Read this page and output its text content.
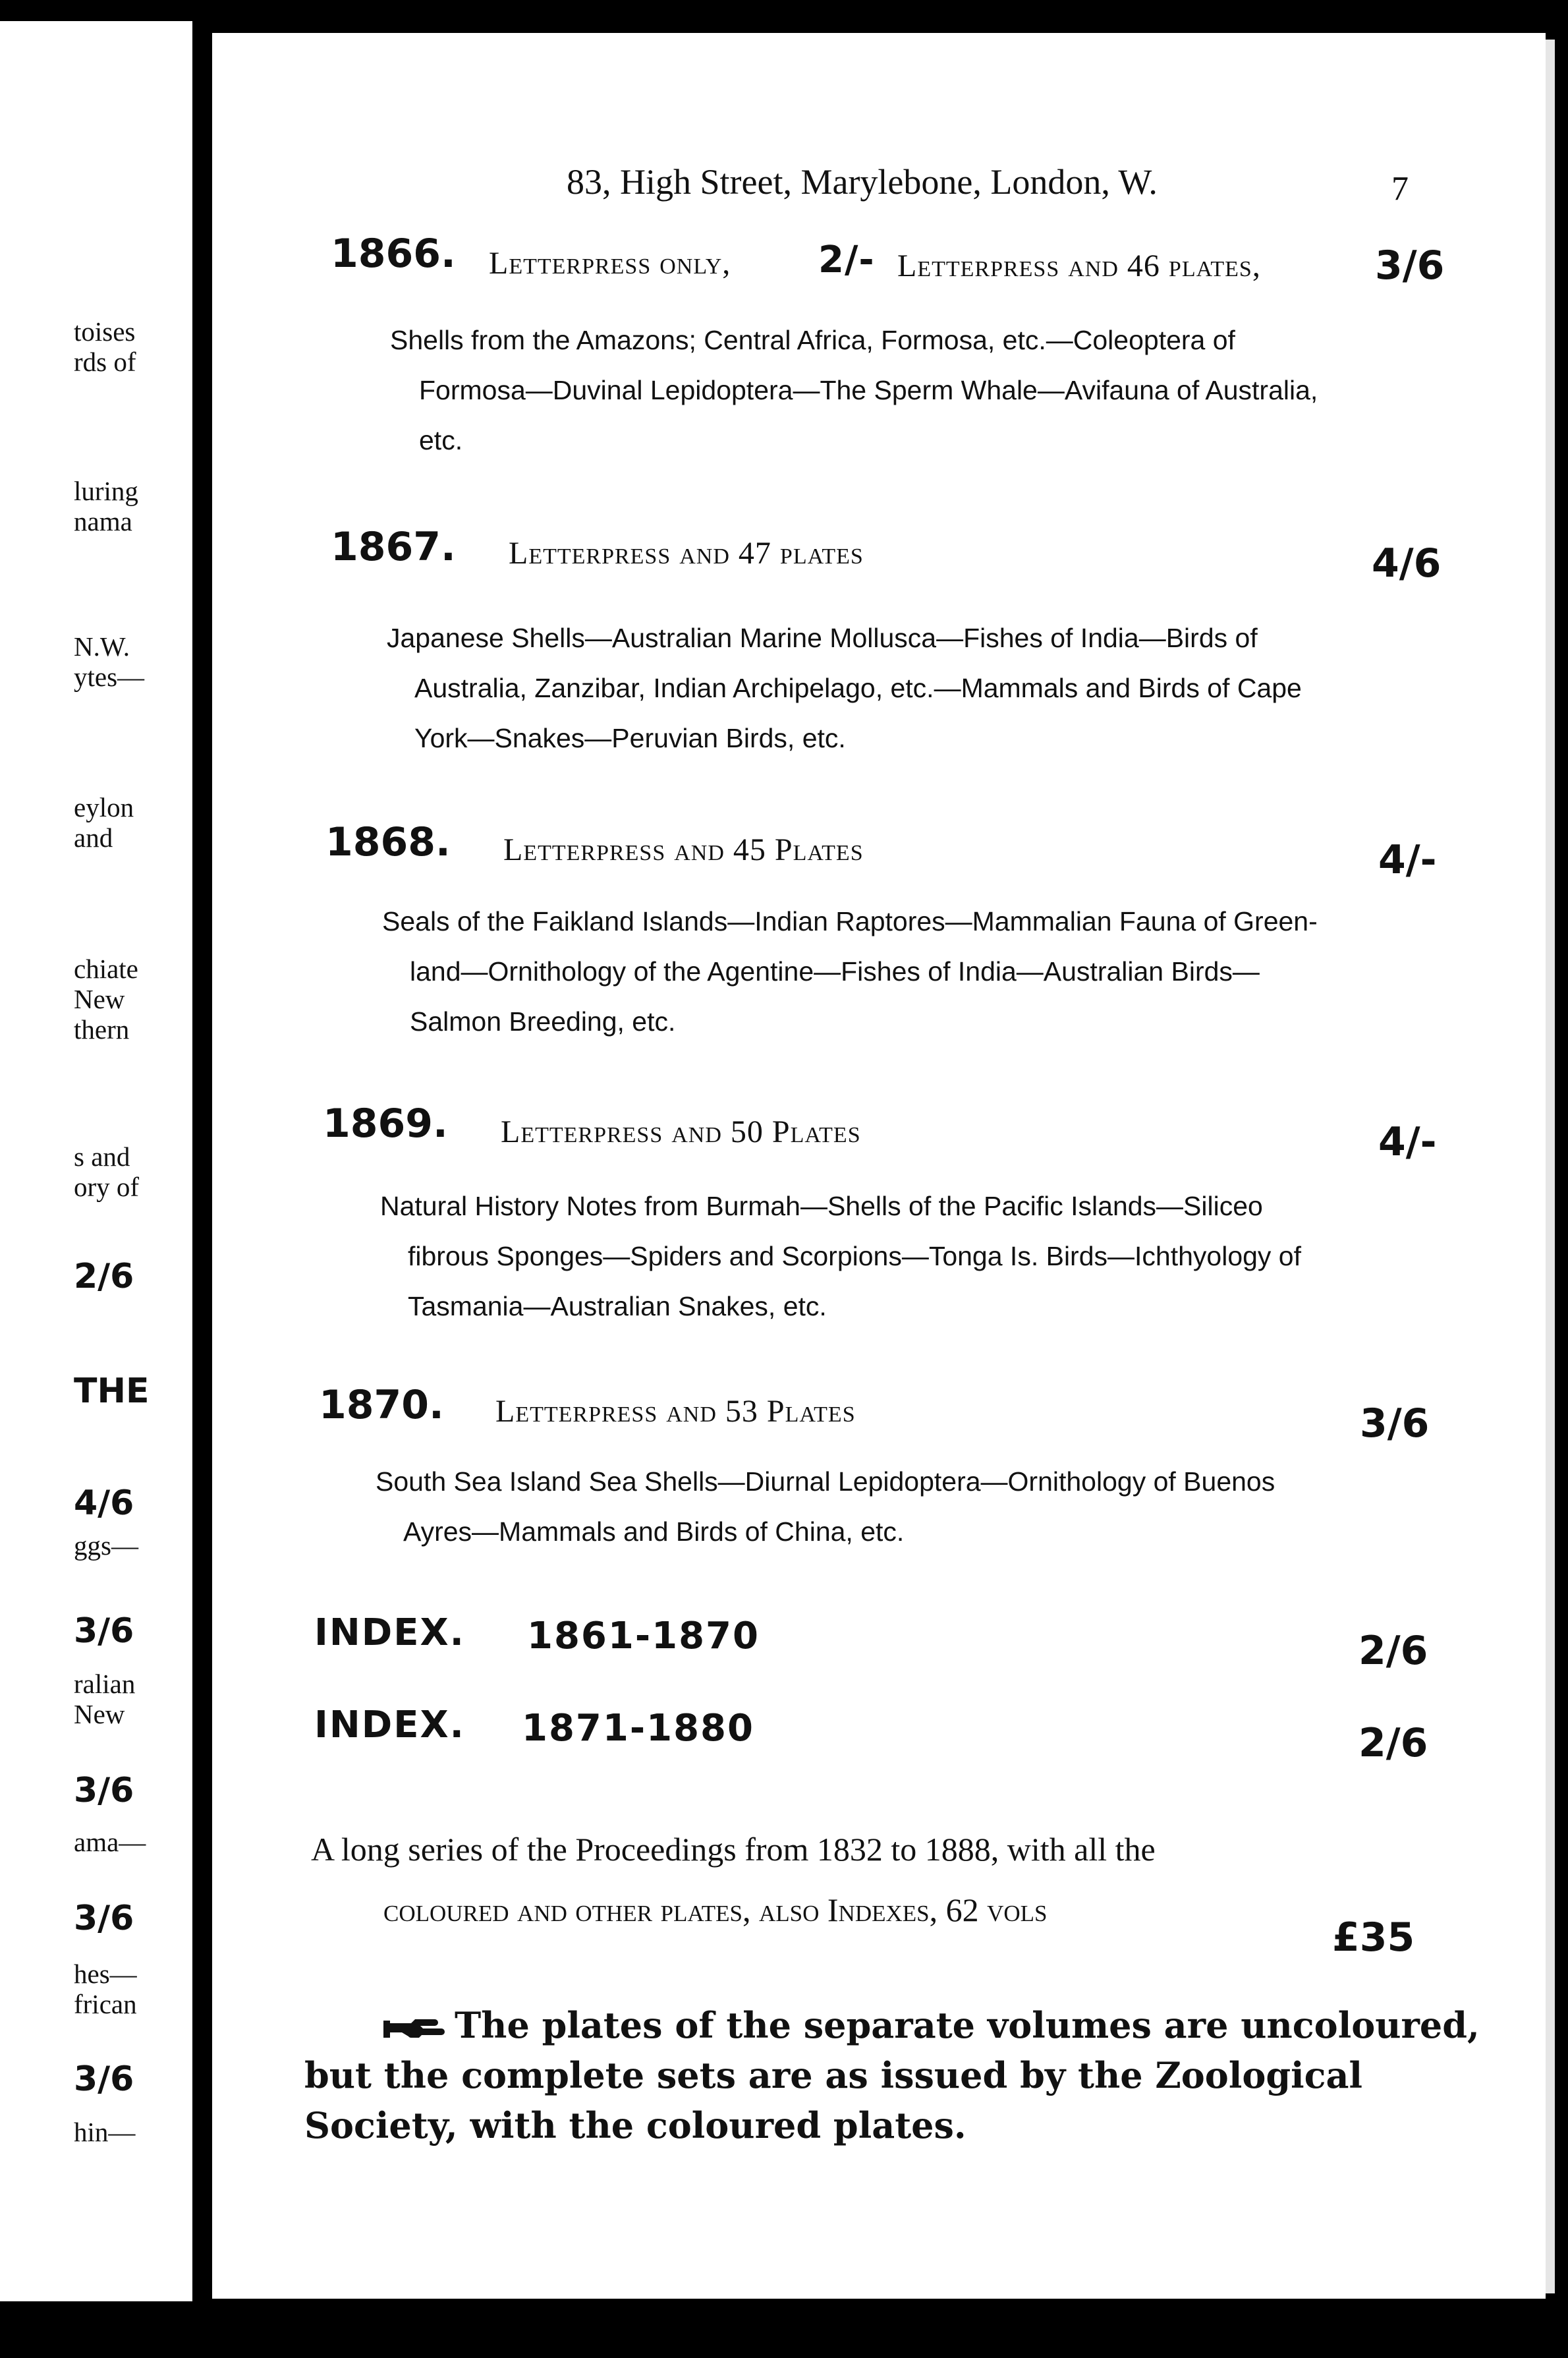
toises
rds of
luring
nama
N.W.
ytes—
eylon
and
chiate
New
thern
s and
ory of
2/6
THE
4/6
ggs—
3/6
ralian
New
3/6
ama—
3/6
hes—
frican
3/6
hin—
83, High Street, Marylebone, London, W.	7
1866. Letterpress only, 2/- Letterpress and 46 plates,	3/6
Shells from the Amazons; Central Africa, Formosa, etc.—Coleoptera of
Formosa—Duvinal Lepidoptera—The Sperm Whale—Avifauna of Australia,
etc.
1867. Letterpress and 47 plates	4/6
Japanese Shells—Australian Marine Mollusca—Fishes of India—Birds of
Australia, Zanzibar, Indian Archipelago, etc.—Mammals and Birds of Cape
York—Snakes—Peruvian Birds, etc.
1868. Letterpress and 45 Plates	4/-
Seals of the Faikland Islands—Indian Raptores—Mammalian Fauna of Green-
land—Ornithology of the Agentine—Fishes of India—Australian Birds—
Salmon Breeding, etc.
1869. Letterpress and 50 Plates	4/-
Natural History Notes from Burmah—Shells of the Pacific Islands—Siliceo
fibrous Sponges—Spiders and Scorpions—Tonga Is. Birds—Ichthyology of
Tasmania—Australian Snakes, etc.
1870. Letterpress and 53 Plates	3/6
South Sea Island Sea Shells—Diurnal Lepidoptera—Ornithology of Buenos
Ayres—Mammals and Birds of China, etc.
INDEX. 1861-1870	2/6
INDEX. 1871-1880	2/6
A long series of the Proceedings from 1832 to 1888, with all the
coloured and other plates, also Indexes, 62 vols
£35
The plates of the separate volumes are uncoloured,
but the complete sets are as issued by the Zoological
Society, with the coloured plates.
